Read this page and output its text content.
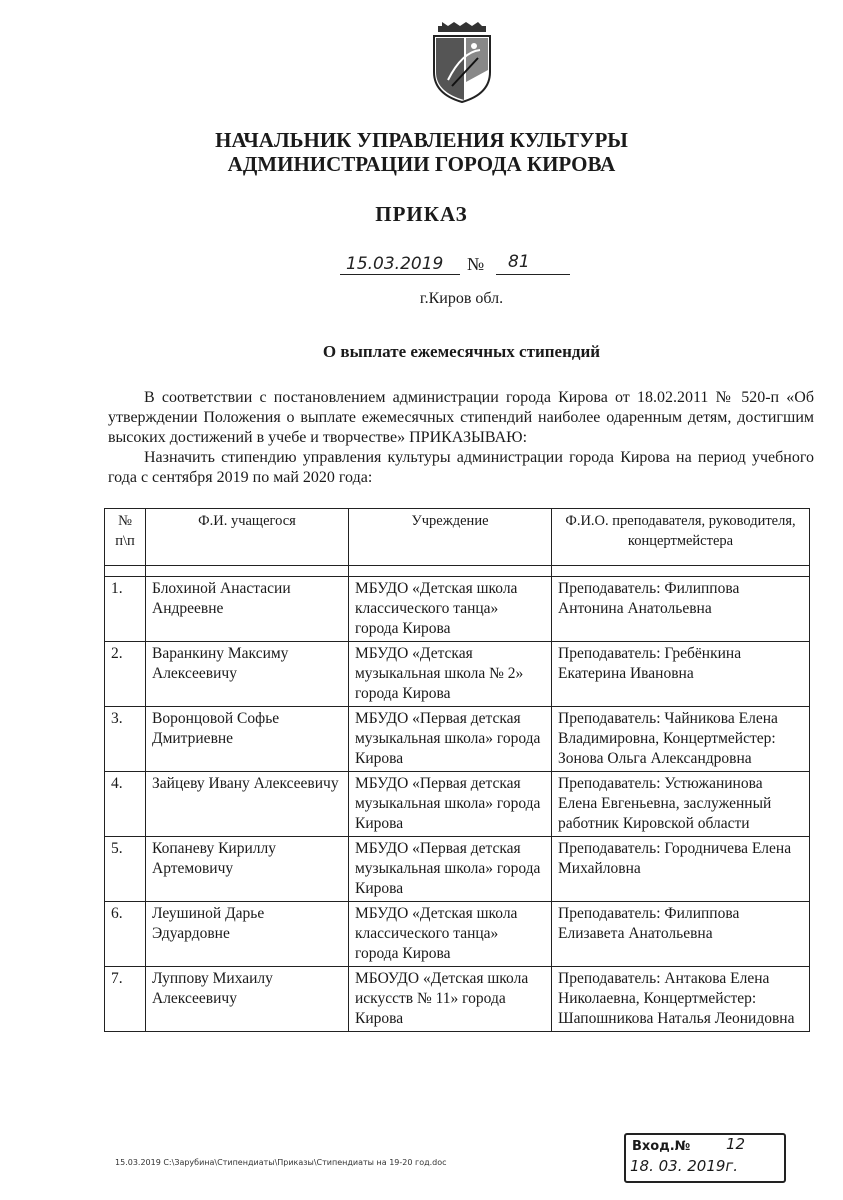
НАЧАЛЬНИК УПРАВЛЕНИЯ КУЛЬТУРЫ
АДМИНИСТРАЦИИ ГОРОДА КИРОВА
ПРИКАЗ
15.03.2019 № 81
г.Киров обл.
О выплате ежемесячных стипендий
В соответствии с постановлением администрации города Кирова от 18.02.2011 № 520-п «Об утверждении Положения о выплате ежемесячных стипендий наиболее одаренным детям, достигшим высоких достижений в учебе и творчестве» ПРИКАЗЫВАЮ:
Назначить стипендию управления культуры администрации города Кирова на период учебного года с сентября 2019 по май 2020 года:
№ п\п	Ф.И. учащегося	Учреждение	Ф.И.О. преподавателя, руководителя, концертмейстера

1.	Блохиной Анастасии Андреевне	МБУДО «Детская школа классического танца» города Кирова	Преподаватель: Филиппова Антонина Анатольевна
2.	Варанкину Максиму Алексеевичу	МБУДО «Детская музыкальная школа № 2» города Кирова	Преподаватель: Гребёнкина Екатерина Ивановна
3.	Воронцовой Софье Дмитриевне	МБУДО «Первая детская музыкальная школа» города Кирова	Преподаватель: Чайникова Елена Владимировна, Концертмейстер: Зонова Ольга Александровна
4.	Зайцеву Ивану Алексеевичу	МБУДО «Первая детская музыкальная школа» города Кирова	Преподаватель: Устюжанинова Елена Евгеньевна, заслуженный работник Кировской области
5.	Копаневу Кириллу Артемовичу	МБУДО «Первая детская музыкальная школа» города Кирова	Преподаватель: Городничева Елена Михайловна
6.	Леушиной Дарье Эдуардовне	МБУДО «Детская школа классического танца» города Кирова	Преподаватель: Филиппова Елизавета Анатольевна
7.	Луппову Михаилу Алексеевичу	МБОУДО «Детская школа искусств № 11» города Кирова	Преподаватель: Антакова Елена Николаевна, Концертмейстер: Шапошникова Наталья Леонидовна
15.03.2019 C:\Зарубина\Стипендиаты\Приказы\Стипендиаты на 19-20 год.doc
Вход.№ 12
18. 03. 2019г.
